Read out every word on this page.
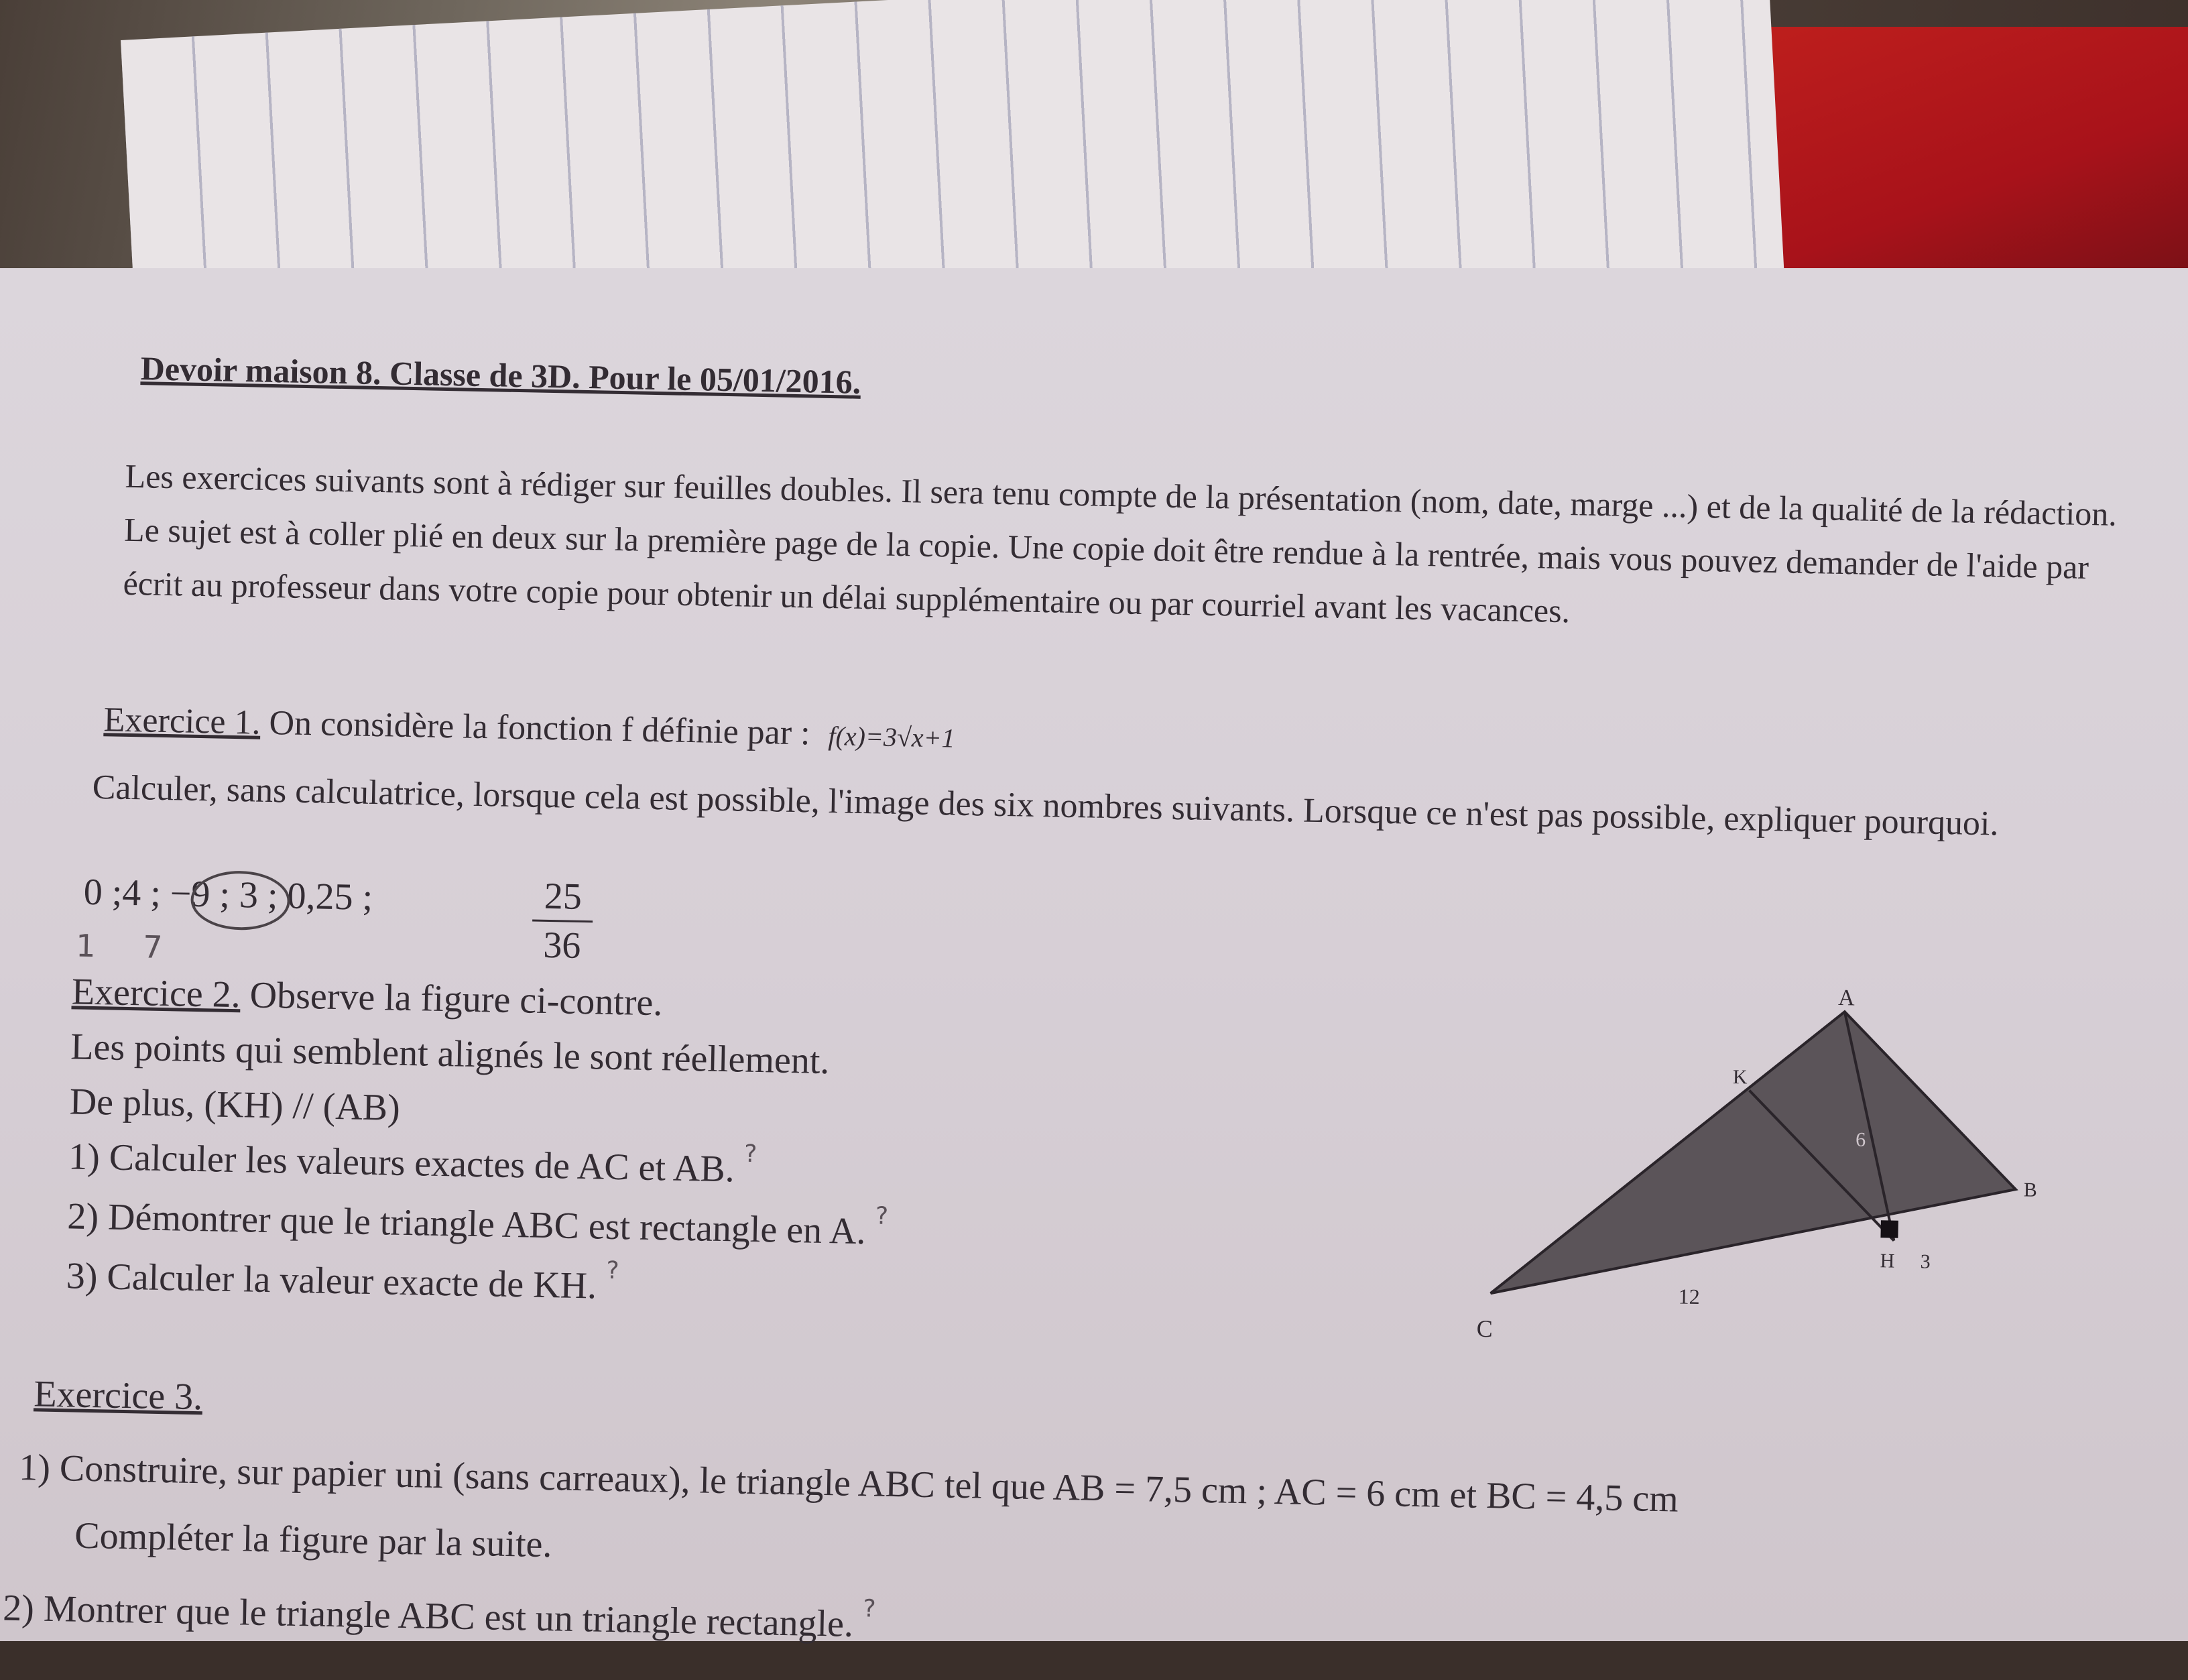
Devoir maison 8. Classe de 3D. Pour le 05/01/2016.
Les exercices suivants sont à rédiger sur feuilles doubles. Il sera tenu compte de la présentation (nom, date, marge ...) et de la qualité de la rédaction. Le sujet est à coller plié en deux sur la première page de la copie. Une copie doit être rendue à la rentrée, mais vous pouvez demander de l'aide par écrit au professeur dans votre copie pour obtenir un délai supplémentaire ou par courriel avant les vacances.
Exercice 1. On considère la fonction f définie par : f(x)=3√x+1
Calculer, sans calculatrice, lorsque cela est possible, l'image des six nombres suivants. Lorsque ce n'est pas possible, expliquer pourquoi.
0 ;4 ; −9 ; 3 ; 0,25 ;	$\frac{25}{36}$
1 7

Exercice 2. Observe la figure ci-contre.

Les points qui semblent alignés le sont réellement.

De plus, (KH) // (AB)

1) Calculer les valeurs exactes de AC et AB. ?

2) Démontrer que le triangle ABC est rectangle en A. ?

3) Calculer la valeur exacte de KH. ?

A
K
6
B
H 3
12
C
Exercice 3.
1) Construire, sur papier uni (sans carreaux), le triangle ABC tel que AB = 7,5 cm ; AC = 6 cm et BC = 4,5 cm
Compléter la figure par la suite.
2) Montrer que le triangle ABC est un triangle rectangle. ?
